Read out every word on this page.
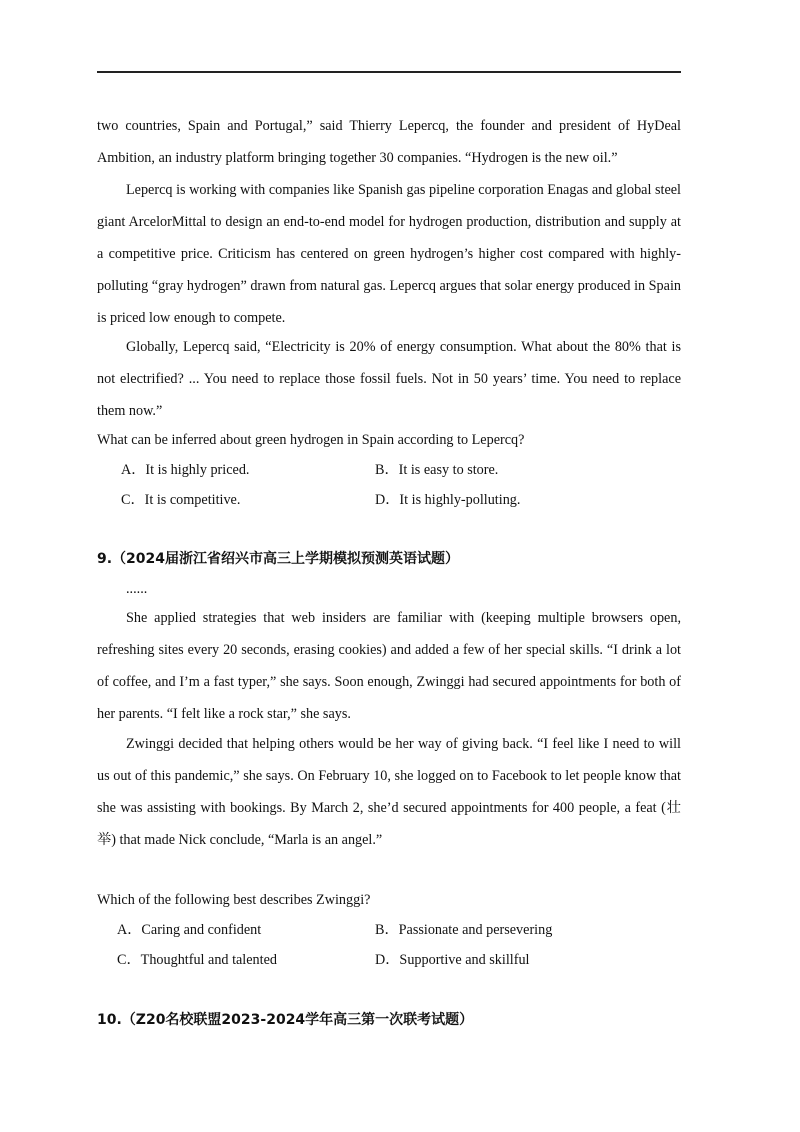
two countries, Spain and Portugal,” said Thierry Lepercq, the founder and president of HyDeal
Ambition, an industry platform bringing together 30 companies. “Hydrogen is the new oil.”
Lepercq is working with companies like Spanish gas pipeline corporation Enagas and global steel
giant ArcelorMittal to design an end-to-end model for hydrogen production, distribution and supply at
a competitive price. Criticism has centered on green hydrogen’s higher cost compared with highly-
polluting “gray hydrogen” drawn from natural gas. Lepercq argues that solar energy produced in Spain
is priced low enough to compete.
Globally, Lepercq said, “Electricity is 20% of energy consumption. What about the 80% that is
not electrified? ... You need to replace those fossil fuels. Not in 50 years’ time. You need to replace
them now.”
What can be inferred about green hydrogen in Spain according to Lepercq?
A．It is highly priced.	B．It is easy to store.
C．It is competitive.	D．It is highly-polluting.
9.（2024届浙江省绍兴市高三上学期模拟预测英语试题）
......
She applied strategies that web insiders are familiar with (keeping multiple browsers open,
refreshing sites every 20 seconds, erasing cookies) and added a few of her special skills. “I drink a lot
of coffee, and I’m a fast typer,” she says. Soon enough, Zwinggi had secured appointments for both of
her parents. “I felt like a rock star,” she says.
Zwinggi decided that helping others would be her way of giving back. “I feel like I need to will
us out of this pandemic,” she says. On February 10, she logged on to Facebook to let people know that
she was assisting with bookings. By March 2, she’d secured appointments for 400 people, a feat (壮
举) that made Nick conclude, “Marla is an angel.”
Which of the following best describes Zwinggi?
A．Caring and confident	B．Passionate and persevering
C．Thoughtful and talented	D．Supportive and skillful
10.（Z20名校联盟2023-2024学年高三第一次联考试题）
